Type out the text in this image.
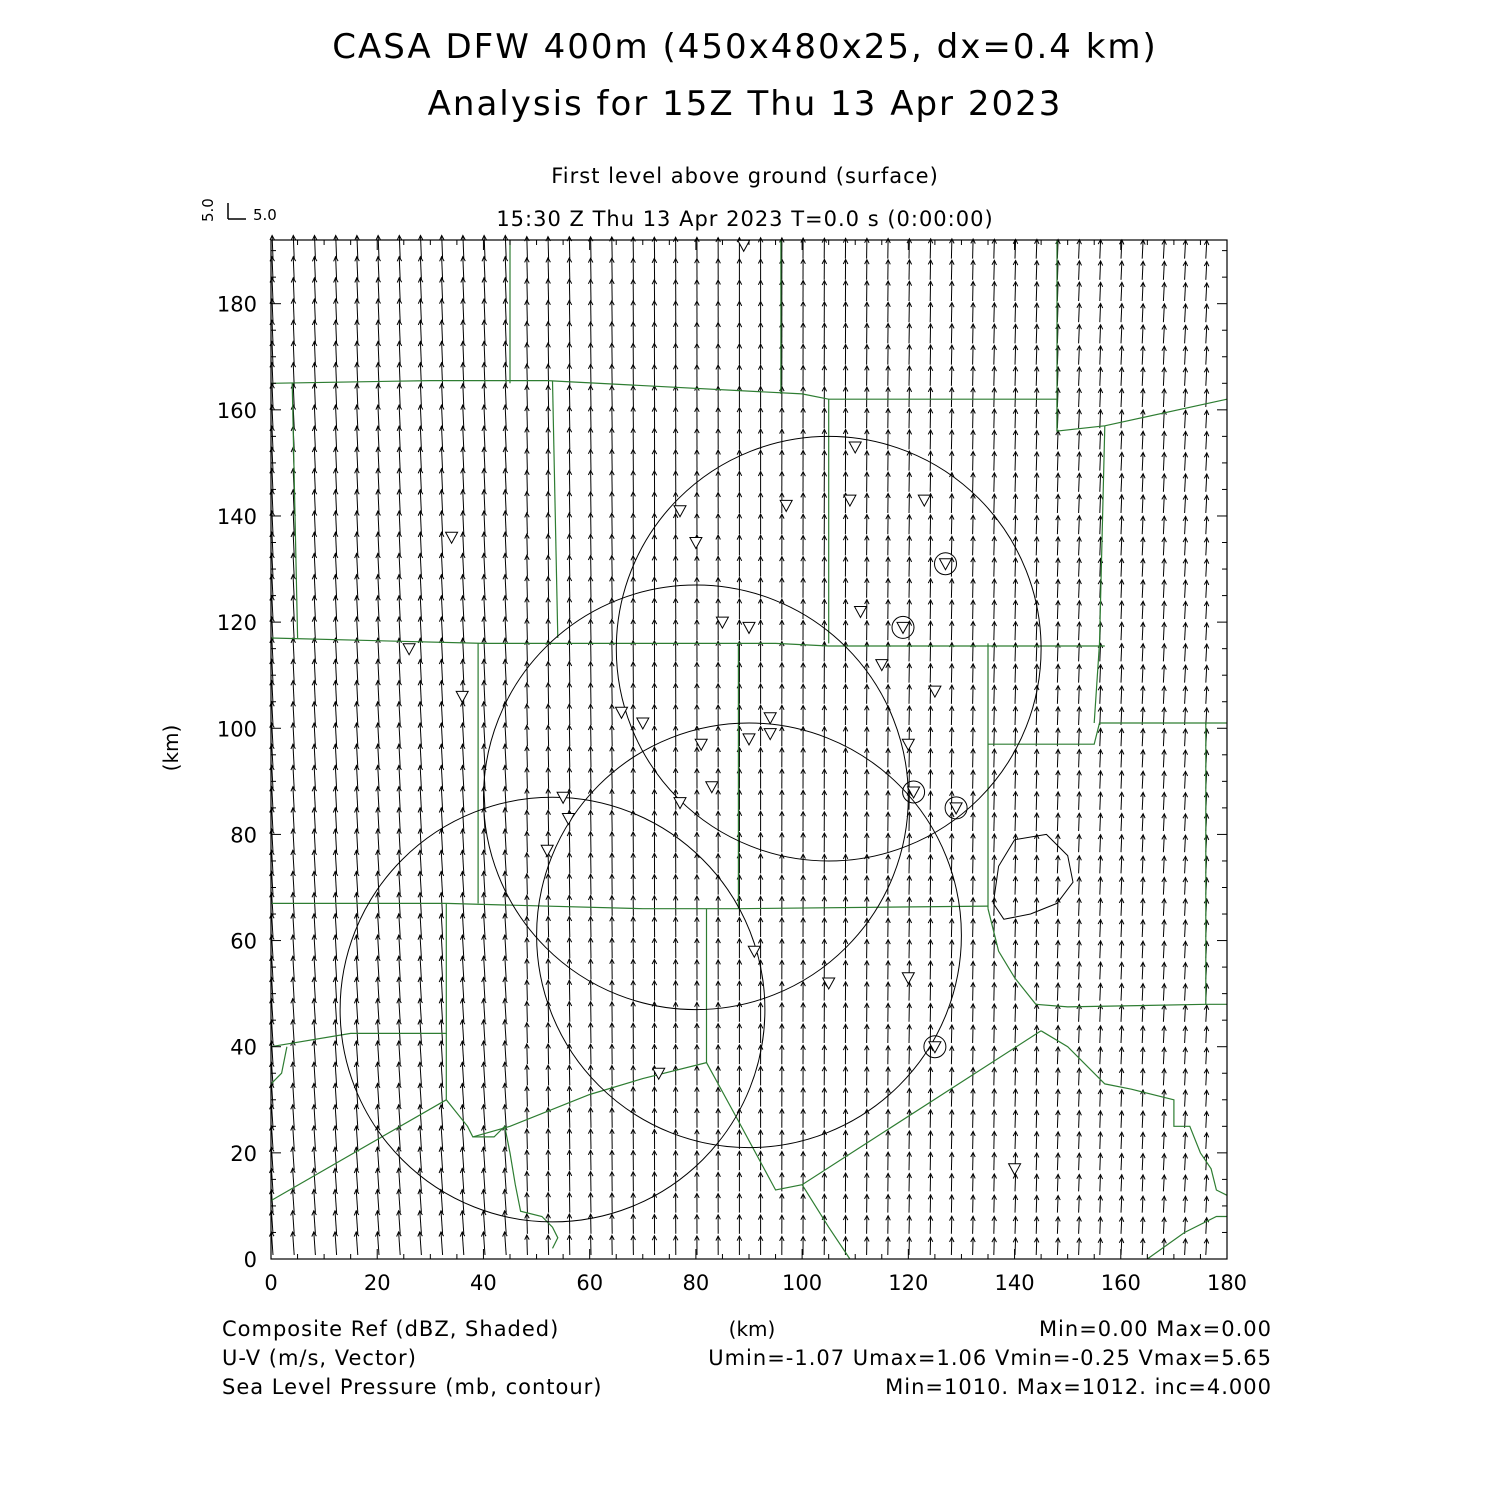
CASA DFW 400m (450x480x25, dx=0.4 km)
Analysis for 15Z Thu 13 Apr 2023
First level above ground (surface)
15:30 Z Thu 13 Apr 2023 T=0.0 s (0:00:00)
5.0 5.0
0	20	40	60	80	100	120	140	160	180
0
20
40
60
80
100
120
140
160
180
(km)
(km)
Composite Ref (dBZ, Shaded)	Min=0.00 Max=0.00
U-V (m/s, Vector)	Umin=-1.07 Umax=1.06 Vmin=-0.25 Vmax=5.65
Sea Level Pressure (mb, contour)	Min=1010. Max=1012. inc=4.000
